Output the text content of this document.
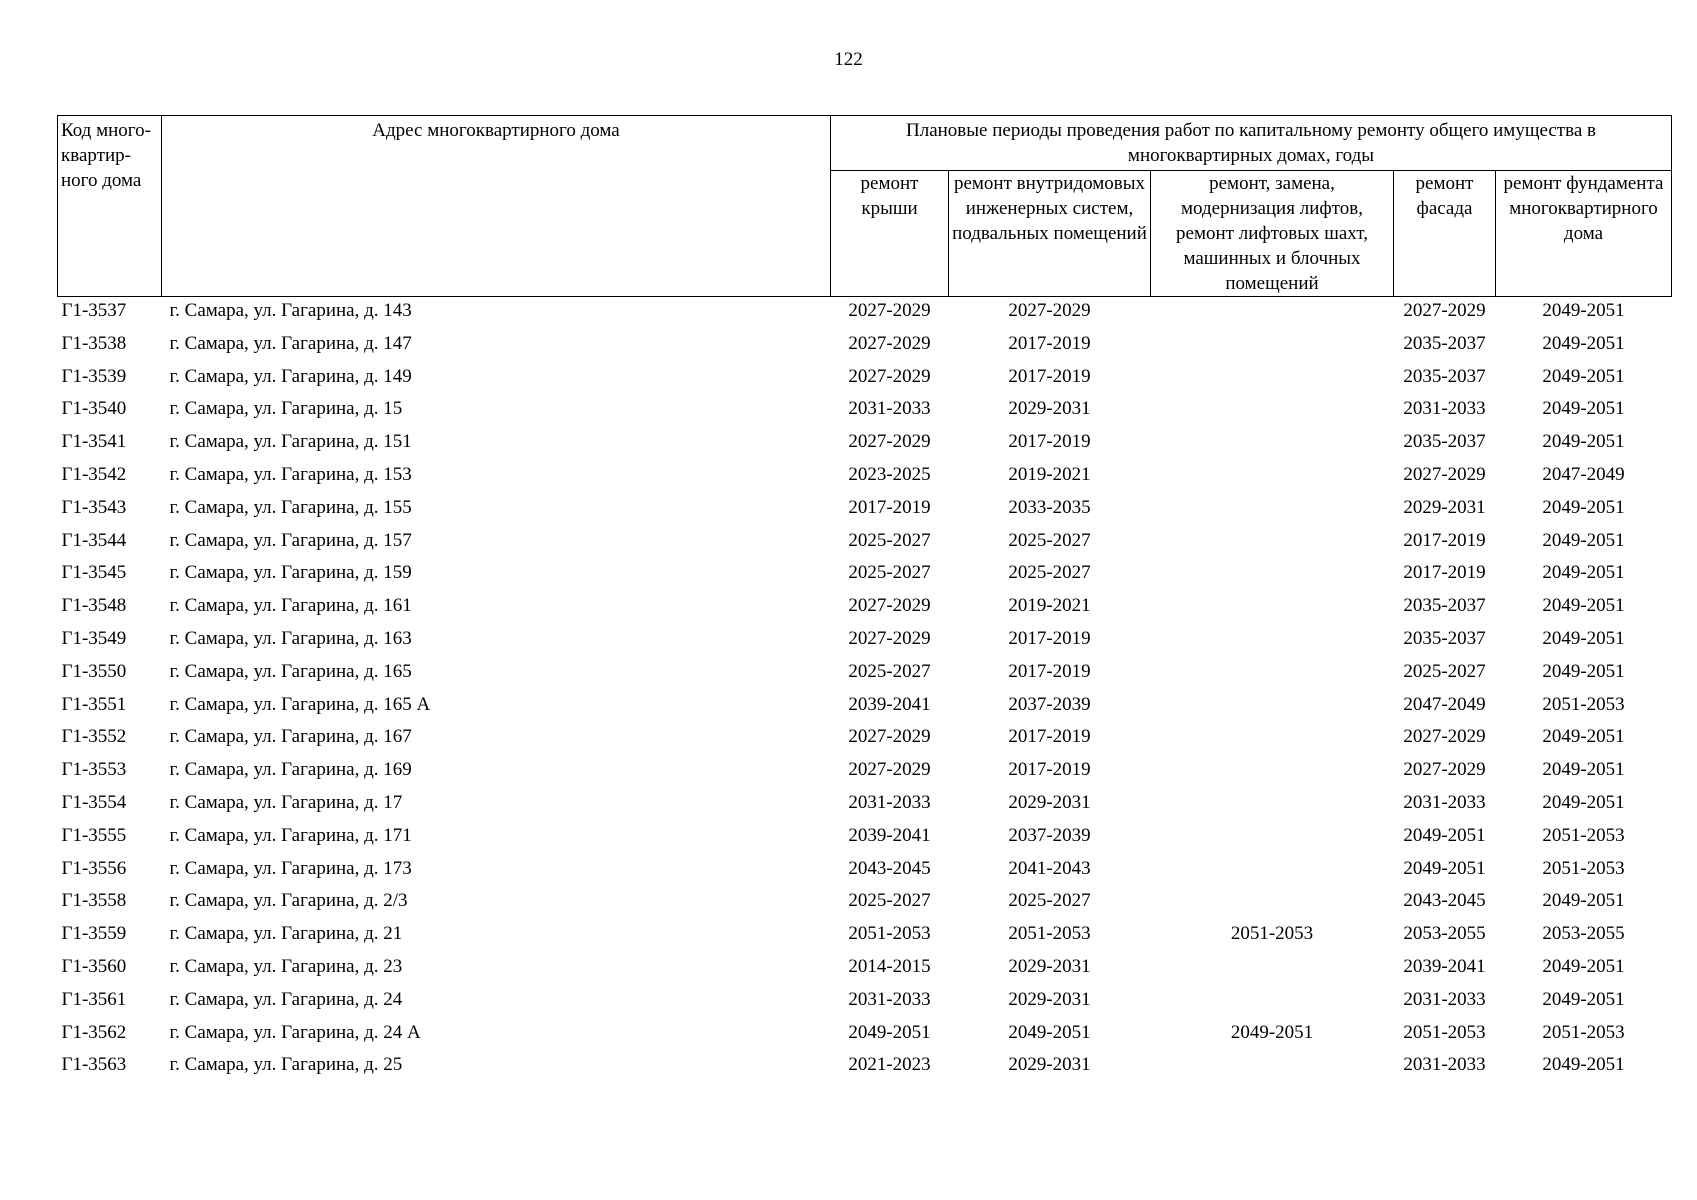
122
Код много-квартир-ного дома	Адрес многоквартирного дома	Плановые периоды проведения работ по капитальному ремонту общего имущества в многоквартирных домах, годы				
		ремонт крыши	ремонт внутридомовых инженерных систем, подвальных помещений	ремонт, замена, модернизация лифтов, ремонт лифтовых шахт, машинных и блочных помещений	ремонт фасада	ремонт фундамента многоквартирного дома
Г1-3537	г. Самара, ул. Гагарина, д. 143	2027-2029	2027-2029		2027-2029	2049-2051
Г1-3538	г. Самара, ул. Гагарина, д. 147	2027-2029	2017-2019		2035-2037	2049-2051
Г1-3539	г. Самара, ул. Гагарина, д. 149	2027-2029	2017-2019		2035-2037	2049-2051
Г1-3540	г. Самара, ул. Гагарина, д. 15	2031-2033	2029-2031		2031-2033	2049-2051
Г1-3541	г. Самара, ул. Гагарина, д. 151	2027-2029	2017-2019		2035-2037	2049-2051
Г1-3542	г. Самара, ул. Гагарина, д. 153	2023-2025	2019-2021		2027-2029	2047-2049
Г1-3543	г. Самара, ул. Гагарина, д. 155	2017-2019	2033-2035		2029-2031	2049-2051
Г1-3544	г. Самара, ул. Гагарина, д. 157	2025-2027	2025-2027		2017-2019	2049-2051
Г1-3545	г. Самара, ул. Гагарина, д. 159	2025-2027	2025-2027		2017-2019	2049-2051
Г1-3548	г. Самара, ул. Гагарина, д. 161	2027-2029	2019-2021		2035-2037	2049-2051
Г1-3549	г. Самара, ул. Гагарина, д. 163	2027-2029	2017-2019		2035-2037	2049-2051
Г1-3550	г. Самара, ул. Гагарина, д. 165	2025-2027	2017-2019		2025-2027	2049-2051
Г1-3551	г. Самара, ул. Гагарина, д. 165 А	2039-2041	2037-2039		2047-2049	2051-2053
Г1-3552	г. Самара, ул. Гагарина, д. 167	2027-2029	2017-2019		2027-2029	2049-2051
Г1-3553	г. Самара, ул. Гагарина, д. 169	2027-2029	2017-2019		2027-2029	2049-2051
Г1-3554	г. Самара, ул. Гагарина, д. 17	2031-2033	2029-2031		2031-2033	2049-2051
Г1-3555	г. Самара, ул. Гагарина, д. 171	2039-2041	2037-2039		2049-2051	2051-2053
Г1-3556	г. Самара, ул. Гагарина, д. 173	2043-2045	2041-2043		2049-2051	2051-2053
Г1-3558	г. Самара, ул. Гагарина, д. 2/3	2025-2027	2025-2027		2043-2045	2049-2051
Г1-3559	г. Самара, ул. Гагарина, д. 21	2051-2053	2051-2053	2051-2053	2053-2055	2053-2055
Г1-3560	г. Самара, ул. Гагарина, д. 23	2014-2015	2029-2031		2039-2041	2049-2051
Г1-3561	г. Самара, ул. Гагарина, д. 24	2031-2033	2029-2031		2031-2033	2049-2051
Г1-3562	г. Самара, ул. Гагарина, д. 24 А	2049-2051	2049-2051	2049-2051	2051-2053	2051-2053
Г1-3563	г. Самара, ул. Гагарина, д. 25	2021-2023	2029-2031		2031-2033	2049-2051
